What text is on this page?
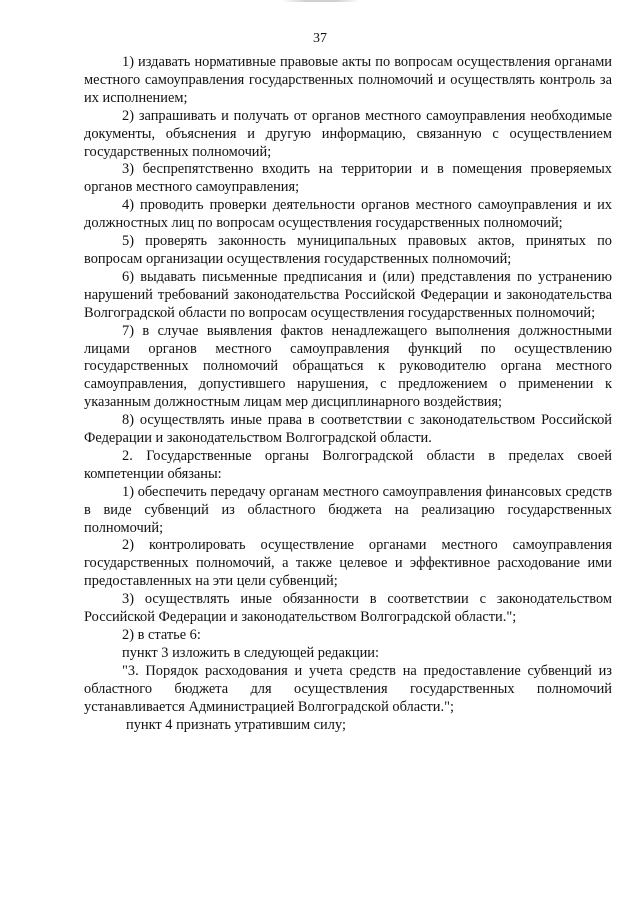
37

1) издавать нормативные правовые акты по вопросам осуществления органами местного самоуправления государственных полномочий и осуществлять контроль за их исполнением;

2) запрашивать и получать от органов местного самоуправления необходимые документы, объяснения и другую информацию, связанную с осуществлением государственных полномочий;

3) беспрепятственно входить на территории и в помещения проверяемых органов местного самоуправления;

4) проводить проверки деятельности органов местного самоуправления и их должностных лиц по вопросам осуществления государственных полномочий;

5) проверять законность муниципальных правовых актов, принятых по вопросам организации осуществления государственных полномочий;

6) выдавать письменные предписания и (или) представления по устранению нарушений требований законодательства Российской Федерации и законодательства Волгоградской области по вопросам осуществления государственных полномочий;

7) в случае выявления фактов ненадлежащего выполнения должностными лицами органов местного самоуправления функций по осуществлению государственных полномочий обращаться к руководителю органа местного самоуправления, допустившего нарушения, с предложением о применении к указанным должностным лицам мер дисциплинарного воздействия;

8) осуществлять иные права в соответствии с законодательством Российской Федерации и законодательством Волгоградской области.

2. Государственные органы Волгоградской области в пределах своей компетенции обязаны:

1) обеспечить передачу органам местного самоуправления финансовых средств в виде субвенций из областного бюджета на реализацию государственных полномочий;

2) контролировать осуществление органами местного самоуправления государственных полномочий, а также целевое и эффективное расходование ими предоставленных на эти цели субвенций;

3) осуществлять иные обязанности в соответствии с законодательством Российской Федерации и законодательством Волгоградской области.";

2) в статье 6:

пункт 3 изложить в следующей редакции:

"3. Порядок расходования и учета средств на предоставление субвенций из областного бюджета для осуществления государственных полномочий устанавливается Администрацией Волгоградской области.";

пункт 4 признать утратившим силу;
